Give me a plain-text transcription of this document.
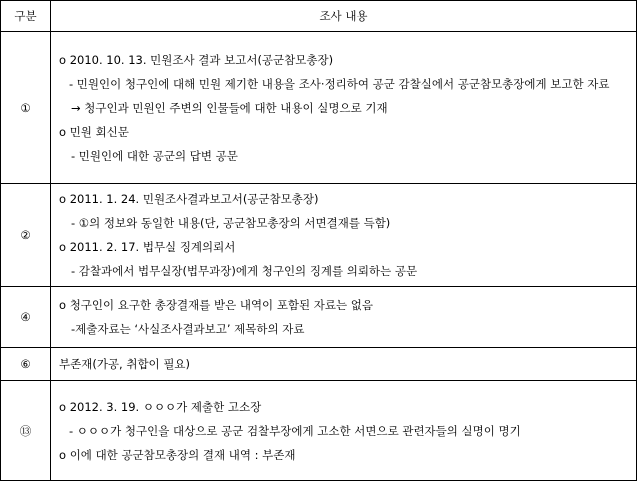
구분	조사 내용
①	o 2010. 10. 13. 민원조사 결과 보고서(공군참모총장)
- 민원인이 청구인에 대해 민원 제기한 내용을 조사·정리하여 공군 감찰실에서 공군참모총장에게 보고한 자료
→ 청구인과 민원인 주변의 인물들에 대한 내용이 실명으로 기재
o 민원 회신문
- 민원인에 대한 공군의 답변 공문

②	o 2011. 1. 24. 민원조사결과보고서(공군참모총장)
- ①의 정보와 동일한 내용(단, 공군참모총장의 서면결재를 득함)
o 2011. 2. 17. 법무실 징계의뢰서
- 감찰과에서 법무실장(법무과장)에게 청구인의 징계를 의뢰하는 공문

④	o 청구인이 요구한 총장결재를 받은 내역이 포함된 자료는 없음
-제출자료는 ‘사실조사결과보고’ 제목하의 자료

⑥	부존재(가공, 취합이 필요)

⑬	o 2012. 3. 19. ㅇㅇㅇ가 제출한 고소장
- ㅇㅇㅇ가 청구인을 대상으로 공군 검찰부장에게 고소한 서면으로 관련자들의 실명이 명기
o 이에 대한 공군참모총장의 결재 내역 : 부존재
